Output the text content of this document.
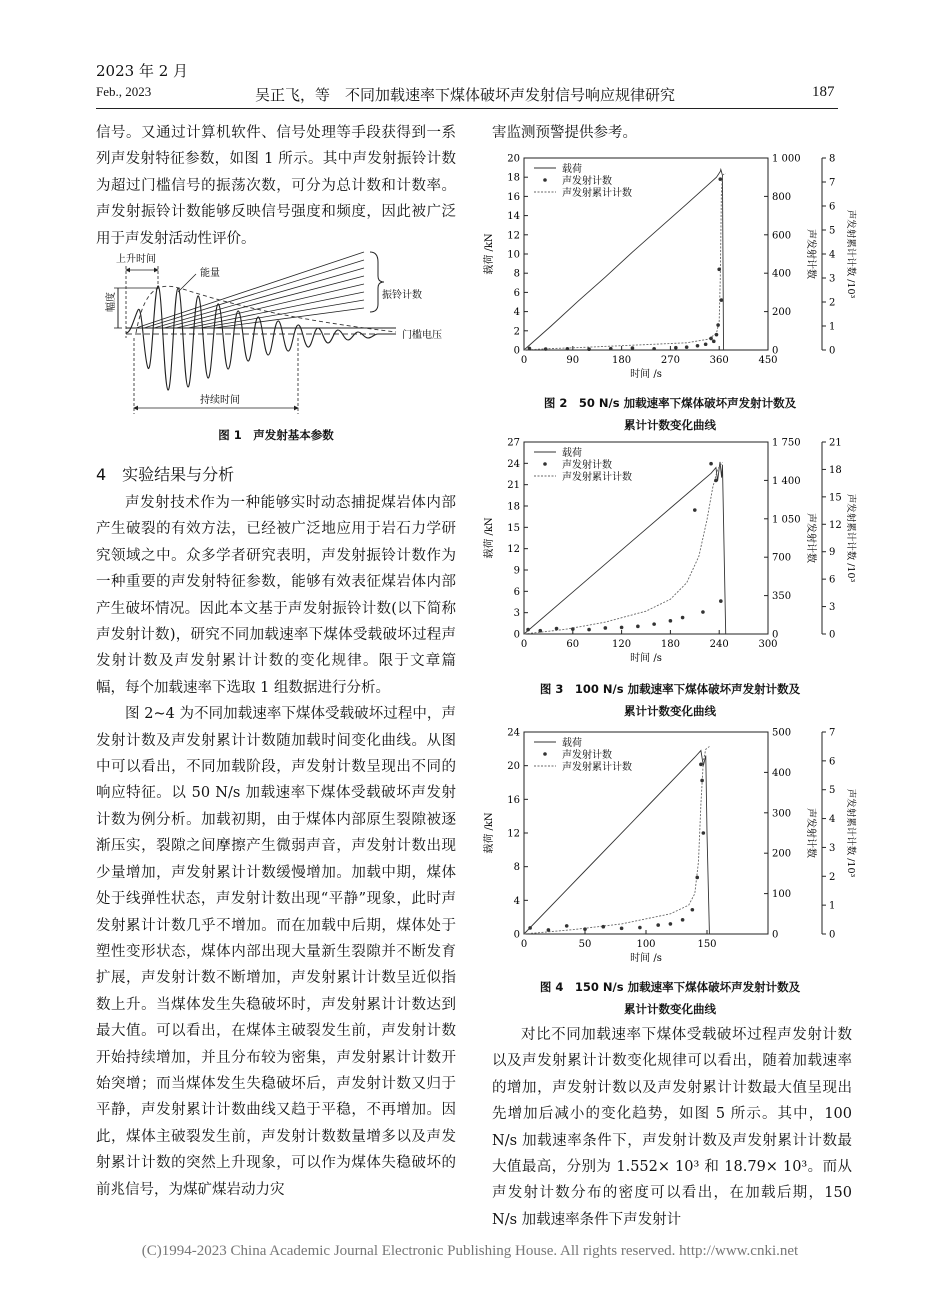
2023 年 2 月
Feb., 2023	吴正飞，等　不同加载速率下煤体破坏声发射信号响应规律研究	187

信号。又通过计算机软件、信号处理等手段获得到一系列声发射特征参数，如图 1 所示。其中声发射振铃计数为超过门槛信号的振荡次数，可分为总计数和计数率。声发射振铃计数能够反映信号强度和频度，因此被广泛用于声发射活动性评价。

上升时间
能量
振铃计数
幅度
门槛电压
持续时间
图 1　声发射基本参数
4　实验结果与分析

声发射技术作为一种能够实时动态捕捉煤岩体内部产生破裂的有效方法，已经被广泛地应用于岩石力学研究领域之中。众多学者研究表明，声发射振铃计数作为一种重要的声发射特征参数，能够有效表征煤岩体内部产生破坏情况。因此本文基于声发射振铃计数(以下简称声发射计数)，研究不同加载速率下煤体受载破坏过程声发射计数及声发射累计计数的变化规律。限于文章篇幅，每个加载速率下选取 1 组数据进行分析。

图 2~4 为不同加载速率下煤体受载破坏过程中，声发射计数及声发射累计计数随加载时间变化曲线。从图中可以看出，不同加载阶段，声发射计数呈现出不同的响应特征。以 50 N/s 加载速率下煤体受载破坏声发射计数为例分析。加载初期，由于煤体内部原生裂隙被逐渐压实，裂隙之间摩擦产生微弱声音，声发射计数出现少量增加，声发射累计计数缓慢增加。加载中期，煤体处于线弹性状态，声发射计数出现“平静”现象，此时声发射累计计数几乎不增加。而在加载中后期，煤体处于塑性变形状态，煤体内部出现大量新生裂隙并不断发育扩展，声发射计数不断增加，声发射累计计数呈近似指数上升。当煤体发生失稳破坏时，声发射累计计数达到最大值。可以看出，在煤体主破裂发生前，声发射计数开始持续增加，并且分布较为密集，声发射累计计数开始突增；而当煤体发生失稳破坏后，声发射计数又归于平静，声发射累计计数曲线又趋于平稳，不再增加。因此，煤体主破裂发生前，声发射计数数量增多以及声发射累计计数的突然上升现象，可以作为煤体失稳破坏的前兆信号，为煤矿煤岩动力灾

害监测预警提供参考。

0	90	180	270	360	450
时间 /s
0
2
4
6
8
10
12
14
16
18
20
载荷 /kN
0
200
400
600
800
1 000
声发射计数
0
1
2
3
4
5
6
7
8
声发射累计计数 /10³
载荷
声发射计数
声发射累计计数
图 2　50 N/s 加载速率下煤体破坏声发射计数及
累计计数变化曲线
0	60	120	180	240	300
时间 /s
0
3
6
9
12
15
18
21
24
27
载荷 /kN
0
350
700
1 050
1 400
1 750
声发射计数
0
3
6
9
12
15
18
21
声发射累计计数 /10³
载荷
声发射计数
声发射累计计数
图 3　100 N/s 加载速率下煤体破坏声发射计数及
累计计数变化曲线
0	50	100	150
时间 /s
0
4
8
12
16
20
24
载荷 /kN
0
100
200
300
400
500
声发射计数
0
1
2
3
4
5
6
7
声发射累计计数 /10³
载荷
声发射计数
声发射累计计数
图 4　150 N/s 加载速率下煤体破坏声发射计数及
累计计数变化曲线

对比不同加载速率下煤体受载破坏过程声发射计数以及声发射累计计数变化规律可以看出，随着加载速率的增加，声发射计数以及声发射累计计数最大值呈现出先增加后减小的变化趋势，如图 5 所示。其中，100 N/s 加载速率条件下，声发射计数及声发射累计计数最大值最高，分别为 1.552× 10³ 和 18.79× 10³。而从声发射计数分布的密度可以看出，在加载后期，150 N/s 加载速率条件下声发射计

(C)1994-2023 China Academic Journal Electronic Publishing House. All rights reserved. http://www.cnki.net
